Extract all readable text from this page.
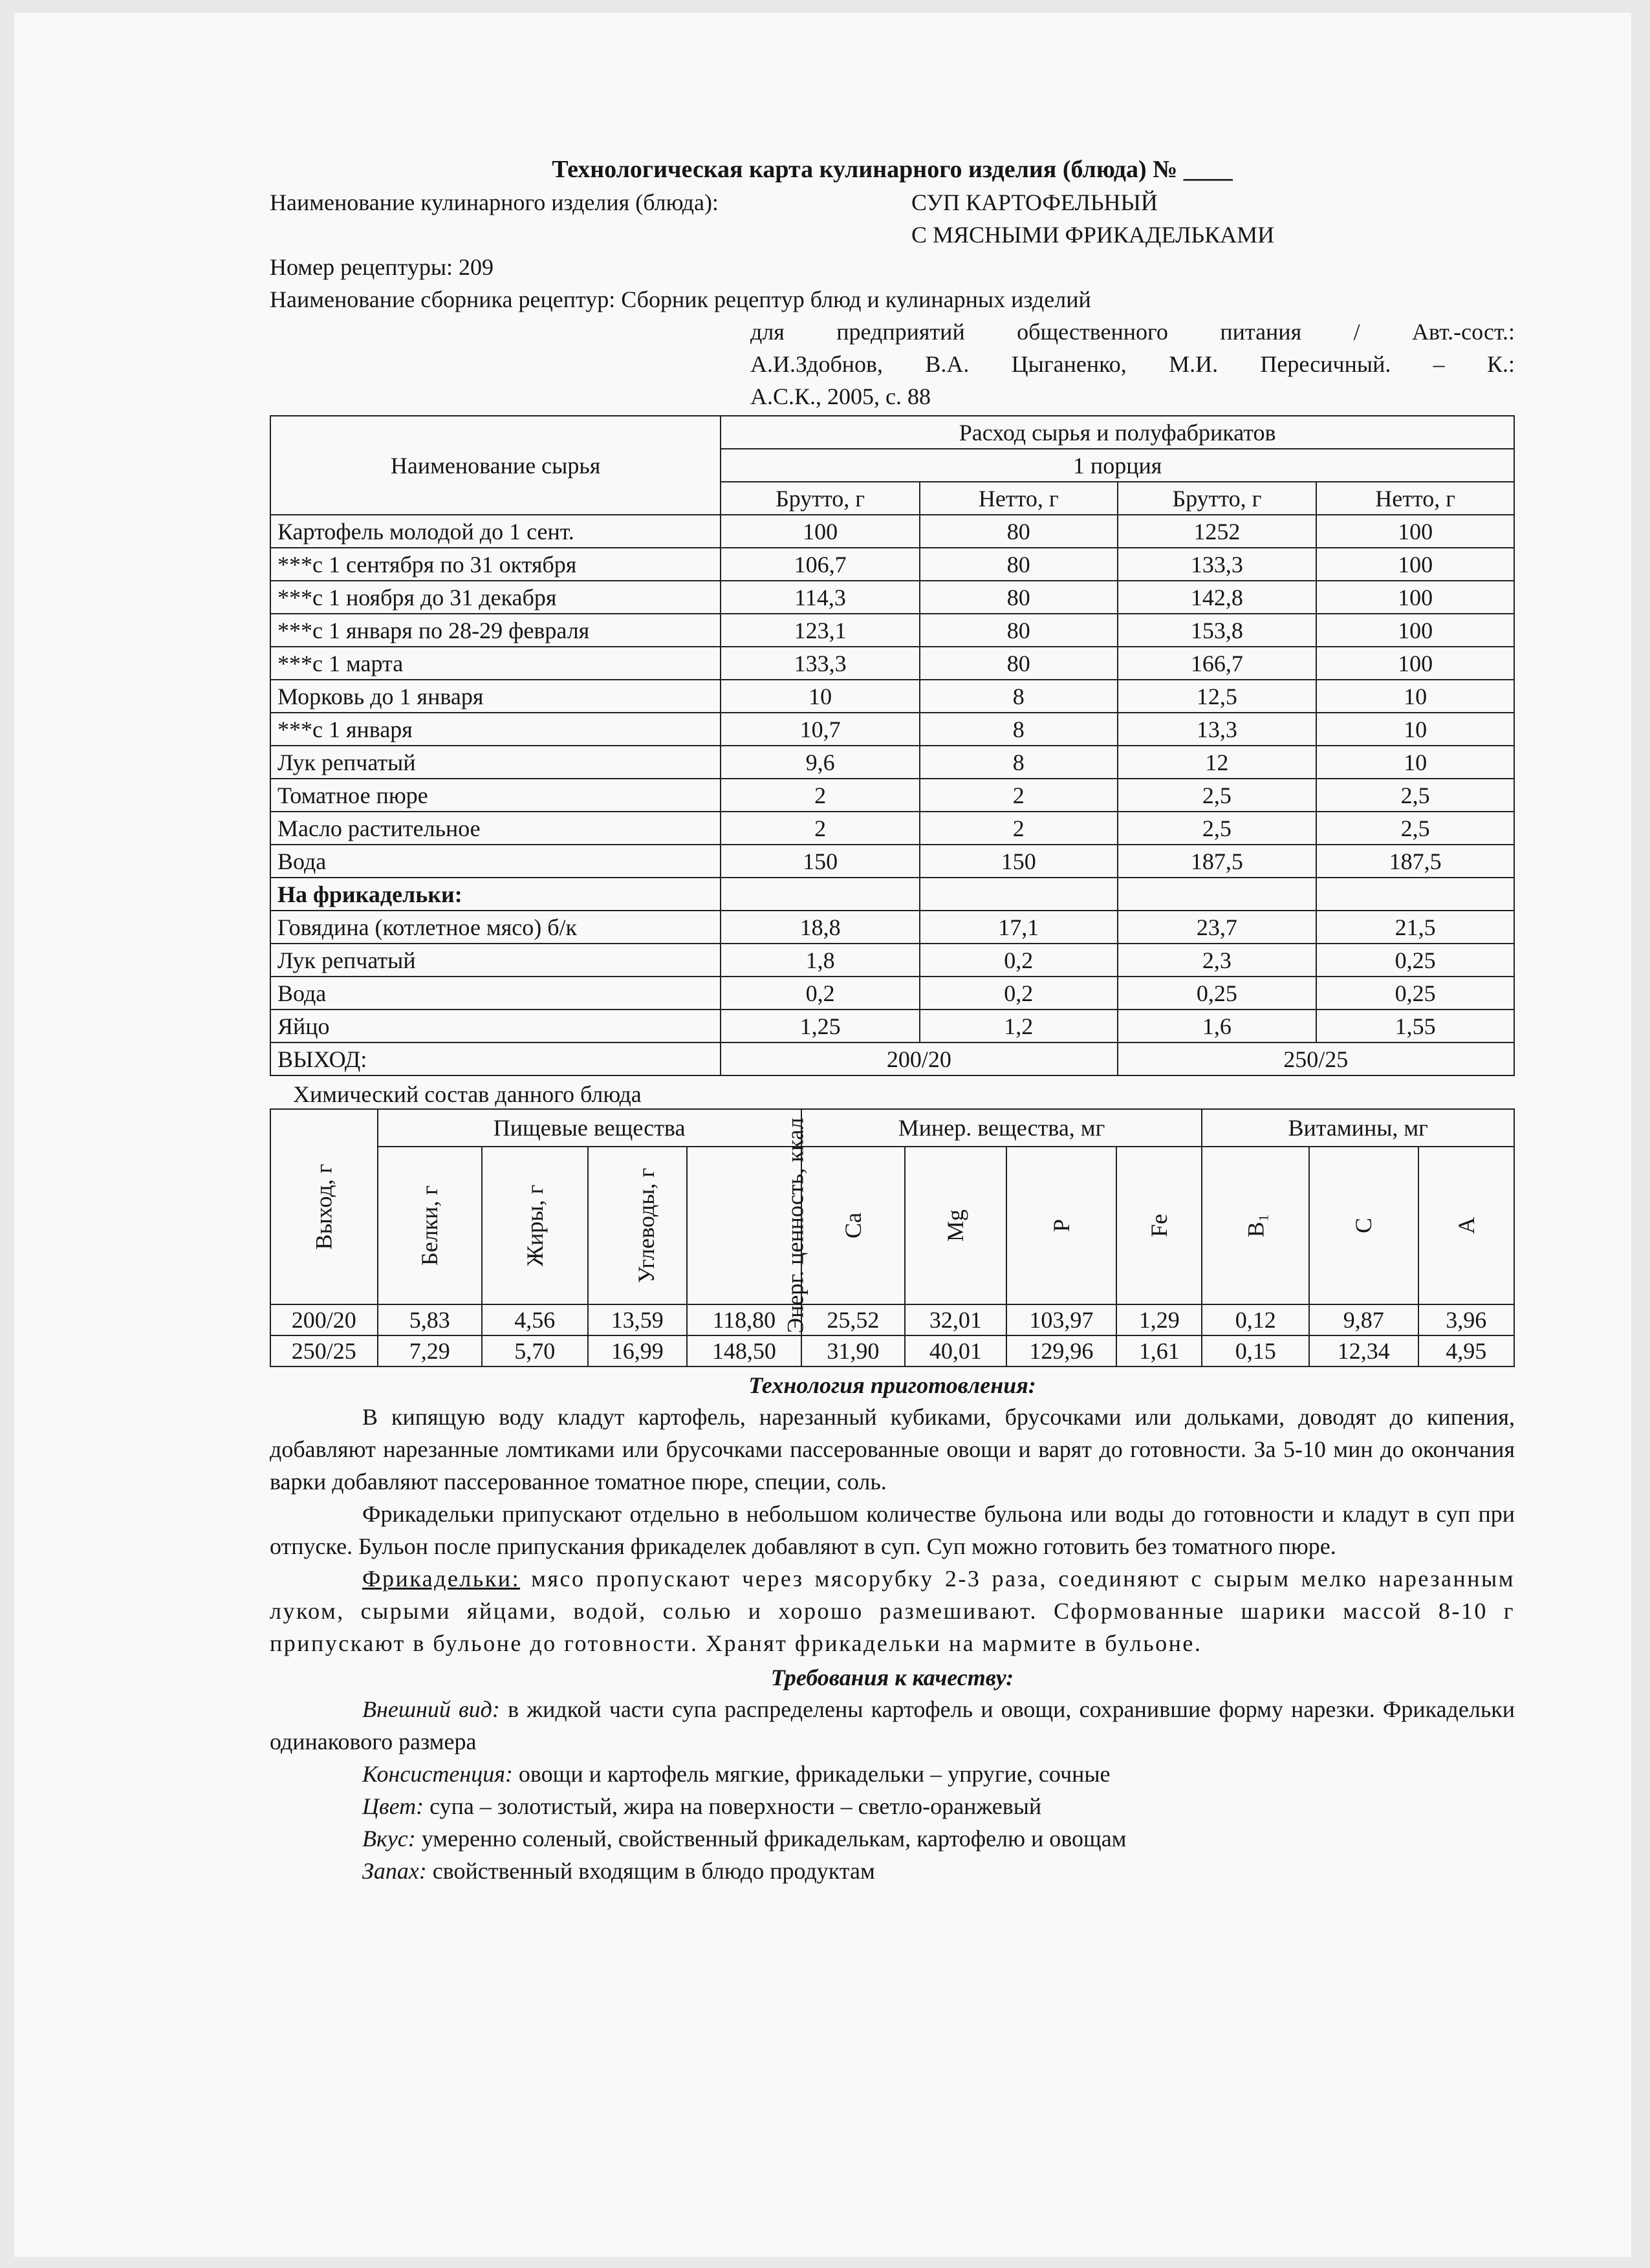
Технологическая карта кулинарного изделия (блюда) № ____
Наименование кулинарного изделия (блюда):	СУП КАРТОФЕЛЬНЫЙ
С МЯСНЫМИ ФРИКАДЕЛЬКАМИ
Номер рецептуры: 209
Наименование сборника рецептур: Сборник рецептур блюд и кулинарных изделий
для предприятий общественного питания / Авт.-сост.:
А.И.Здобнов, В.А. Цыганенко, М.И. Пересичный. – К.:
А.С.К., 2005, с. 88
Наименование сырья	Расход сырья и полуфабрикатов			
	1 порция			
	Брутто, г	Нетто, г	Брутто, г	Нетто, г
Картофель молодой до 1 сент.	100	80	1252	100
***с 1 сентября по 31 октября	106,7	80	133,3	100
***с 1 ноября до 31 декабря	114,3	80	142,8	100
***с 1 января по 28-29 февраля	123,1	80	153,8	100
***с 1 марта	133,3	80	166,7	100
Морковь до 1 января	10	8	12,5	10
***с 1 января	10,7	8	13,3	10
Лук репчатый	9,6	8	12	10
Томатное пюре	2	2	2,5	2,5
Масло растительное	2	2	2,5	2,5
Вода	150	150	187,5	187,5
На фрикадельки:				
Говядина (котлетное мясо) б/к	18,8	17,1	23,7	21,5
Лук репчатый	1,8	0,2	2,3	0,25
Вода	0,2	0,2	0,25	0,25
Яйцо	1,25	1,2	1,6	1,55
ВЫХОД:	200/20		250/25	
Химический состав данного блюда
Выход, г	Пищевые вещества				Минер. вещества, мг				Витамины, мг		
	Белки, г	Жиры, г	Углеводы, г	Энерг. ценность, ккал	Ca	Mg	P	Fe	B₁	C	A
200/20	5,83	4,56	13,59	118,80	25,52	32,01	103,97	1,29	0,12	9,87	3,96
250/25	7,29	5,70	16,99	148,50	31,90	40,01	129,96	1,61	0,15	12,34	4,95
Технология приготовления:

В кипящую воду кладут картофель, нарезанный кубиками, брусочками или дольками, доводят до кипения, добавляют нарезанные ломтиками или брусочками пассерованные овощи и варят до готовности. За 5-10 мин до окончания варки добавляют пассерованное томатное пюре, специи, соль.

Фрикадельки припускают отдельно в небольшом количестве бульона или воды до готовности и кладут в суп при отпуске. Бульон после припускания фрикаделек добавляют в суп. Суп можно готовить без томатного пюре.

Фрикадельки: мясо пропускают через мясорубку 2-3 раза, соединяют с сырым мелко нарезанным луком, сырыми яйцами, водой, солью и хорошо размешивают. Сформованные шарики массой 8-10 г припускают в бульоне до готовности. Хранят фрикадельки на мармите в бульоне.

Требования к качеству:

Внешний вид: в жидкой части супа распределены картофель и овощи, сохранившие форму нарезки. Фрикадельки одинакового размера

Консистенция: овощи и картофель мягкие, фрикадельки – упругие, сочные

Цвет: супа – золотистый, жира на поверхности – светло-оранжевый

Вкус: умеренно соленый, свойственный фрикаделькам, картофелю и овощам

Запах: свойственный входящим в блюдо продуктам
